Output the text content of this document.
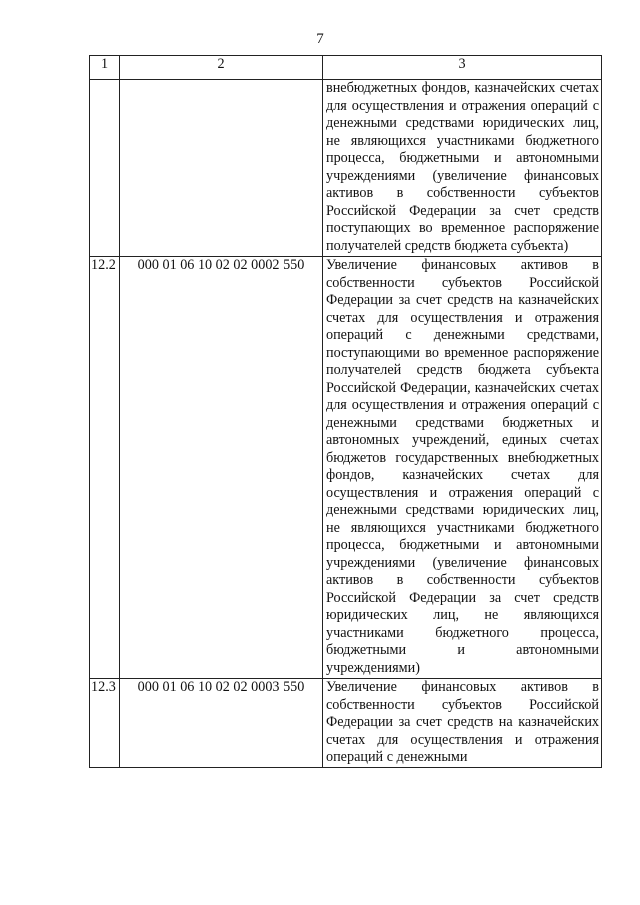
7
1	2	3
		внебюджетных фондов, казначейских счетах для осуществления и отражения операций с денежными средствами юридических лиц, не являющихся участниками бюджетного процесса, бюджетными и автономными учреждениями (увеличение финансовых активов в собственности субъектов Российской Федерации за счет средств поступающих во временное распоряжение получателей средств бюджета субъекта)
12.2	000 01 06 10 02 02 0002 550	Увеличение финансовых активов в собственности субъектов Российской Федерации за счет средств на казначейских счетах для осуществления и отражения операций с денежными средствами, поступающими во временное распоряжение получателей средств бюджета субъекта Российской Федерации, казначейских счетах для осуществления и отражения операций с денежными средствами бюджетных и автономных учреждений, единых счетах бюджетов государственных внебюджетных фондов, казначейских счетах для осуществления и отражения операций с денежными средствами юридических лиц, не являющихся участниками бюджетного процесса, бюджетными и автономными учреждениями (увеличение финансовых активов в собственности субъектов Российской Федерации за счет средств юридических лиц, не являющихся участниками бюджетного процесса, бюджетными и автономными учреждениями)
12.3	000 01 06 10 02 02 0003 550	Увеличение финансовых активов в собственности субъектов Российской Федерации за счет средств на казначейских счетах для осуществления и отражения операций с денежными
